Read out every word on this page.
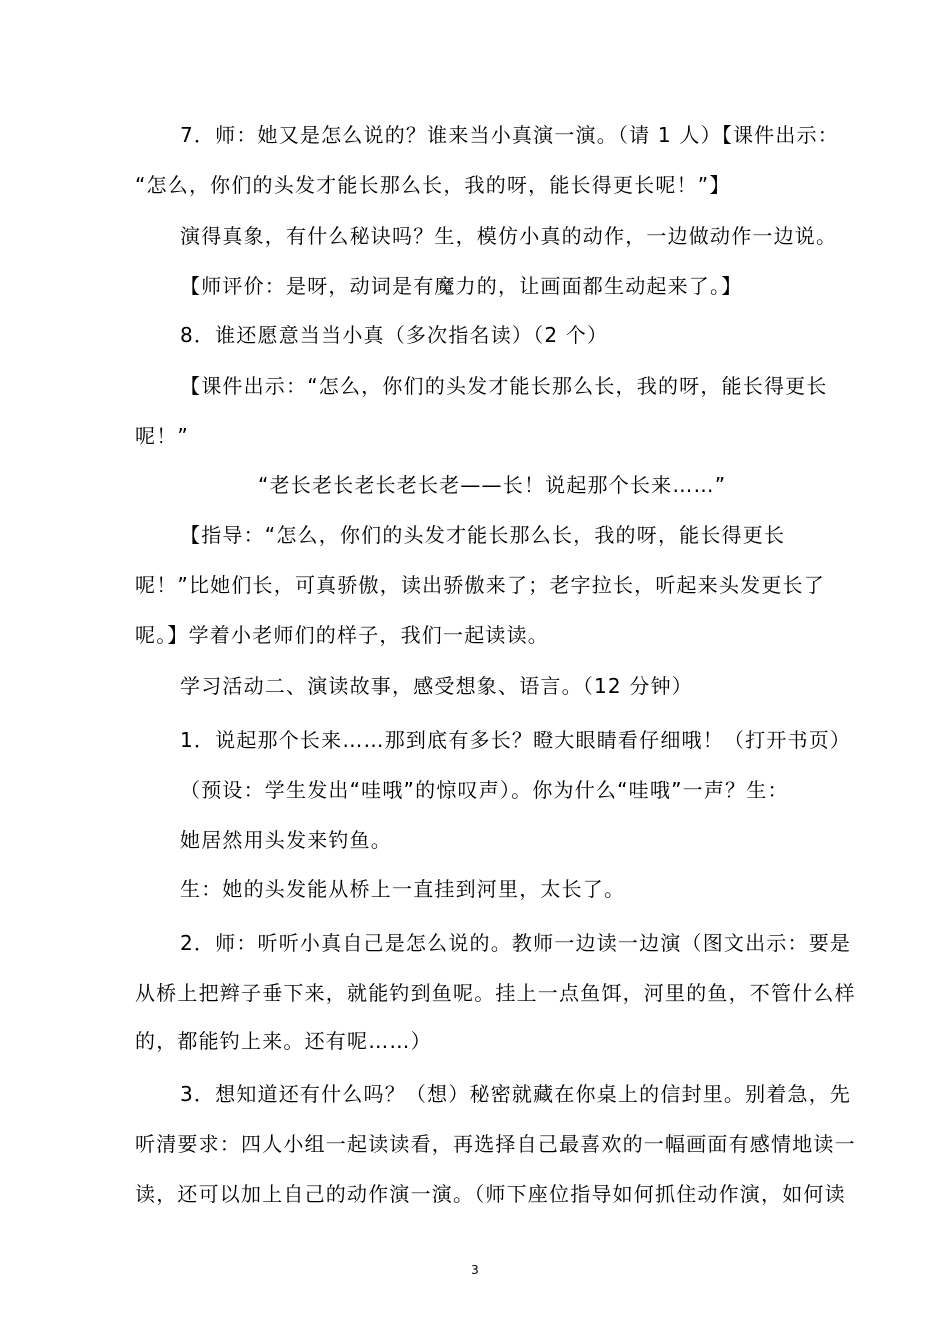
7．师：她又是怎么说的？谁来当小真演一演。（请 1 人）【课件出示：

“怎么，你们的头发才能长那么长，我的呀，能长得更长呢！”】

演得真象，有什么秘诀吗？生，模仿小真的动作，一边做动作一边说。

【师评价：是呀，动词是有魔力的，让画面都生动起来了。】

8．谁还愿意当当小真（多次指名读）（2 个）

【课件出示：“怎么，你们的头发才能长那么长，我的呀，能长得更长

呢！”

“老长老长老长老长老——长！说起那个长来……”

【指导：“怎么，你们的头发才能长那么长，我的呀，能长得更长

呢！”比她们长，可真骄傲，读出骄傲来了；老字拉长，听起来头发更长了

呢。】学着小老师们的样子，我们一起读读。

学习活动二、演读故事，感受想象、语言。（12 分钟）

1．说起那个长来……那到底有多长？瞪大眼睛看仔细哦！（打开书页）

（预设：学生发出“哇哦”的惊叹声）。你为什么“哇哦”一声？生：

她居然用头发来钓鱼。

生：她的头发能从桥上一直挂到河里，太长了。

2．师：听听小真自己是怎么说的。教师一边读一边演（图文出示：要是

从桥上把辫子垂下来，就能钓到鱼呢。挂上一点鱼饵，河里的鱼，不管什么样

的，都能钓上来。还有呢……）

3．想知道还有什么吗？（想）秘密就藏在你桌上的信封里。别着急，先

听清要求：四人小组一起读读看，再选择自己最喜欢的一幅画面有感情地读一

读，还可以加上自己的动作演一演。（师下座位指导如何抓住动作演，如何读

3
